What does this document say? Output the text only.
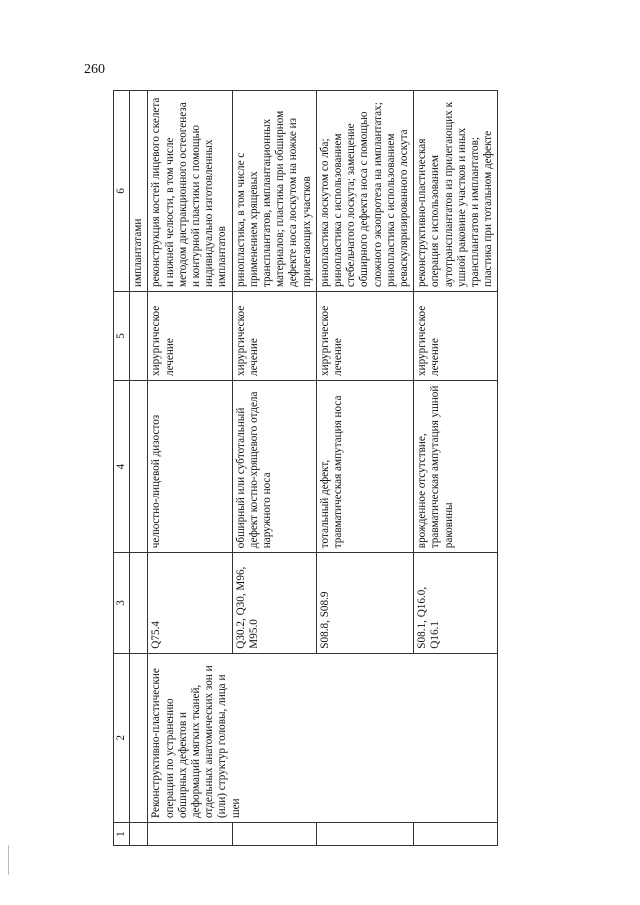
260
1	2	3	4	5	6
					имплантатами
	Реконструктивно-пластические операции по устранению обширных дефектов и деформаций мягких тканей, отдельных анатомических зон и (или) структур головы, лица и шеи	Q75.4	челюстно-лицевой дизостоз	хирургическое лечение	реконструкция костей лицевого скелета и нижней челюсти, в том числе методом дистракционного остеогенеза и контурной пластики с помощью индивидуально изготовленных имплантатов
		Q30.2, Q30, M96, M95.0	обширный или субтотальный дефект костно-хрящевого отдела наружного носа	хирургическое лечение	ринопластика, в том числе с применением хрящевых трансплантатов, имплантационных материалов; пластика при обширном дефекте носа лоскутом на ножке из прилегающих участков
		S08.8, S08.9	тотальный дефект, травматическая ампутация носа	хирургическое лечение	ринопластика лоскутом со лба; ринопластика с использованием стебельчатого лоскута; замещение обширного дефекта носа с помощью сложного экзопротеза на имплантатах; ринопластика с использованием реваскуляризированного лоскута
		S08.1, Q16.0, Q16.1	врожденное отсутствие, травматическая ампутация ушной раковины	хирургическое лечение	реконструктивно-пластическая операция с использованием аутотрансплантатов из прилегающих к ушной раковине участков и иных трансплантатов и имплантатов; пластика при тотальном дефекте
